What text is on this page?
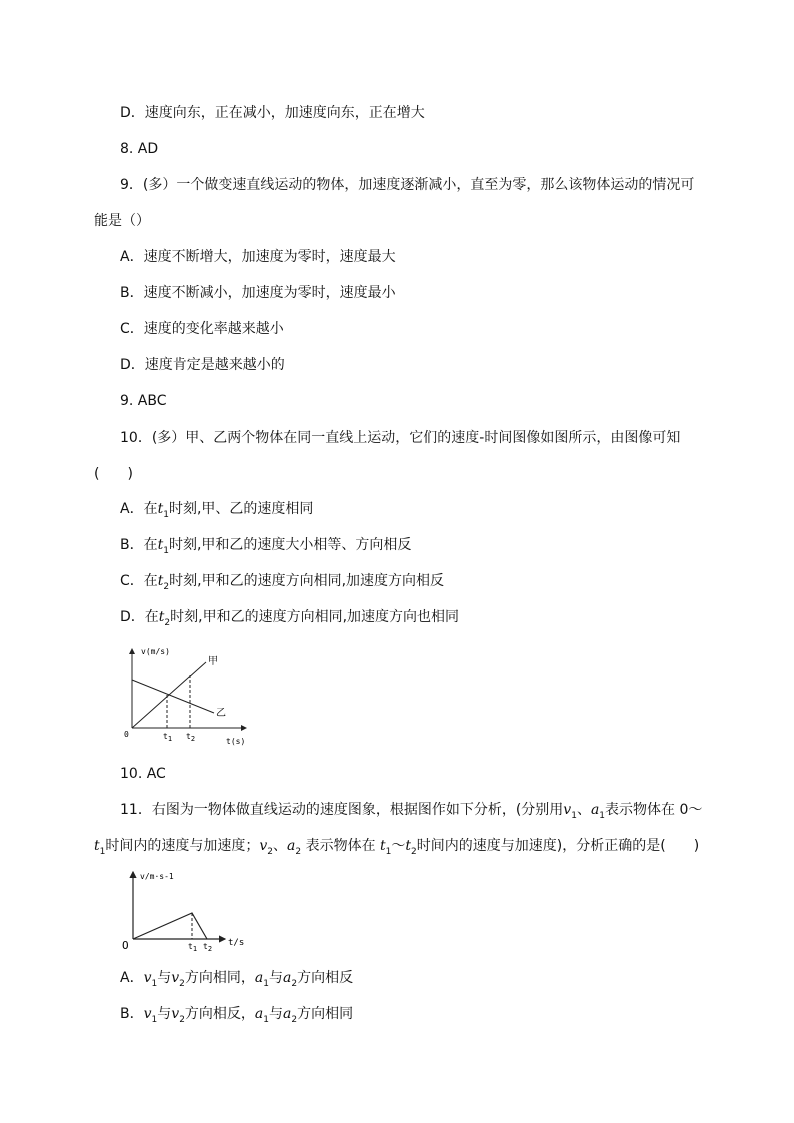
D．速度向东，正在减小，加速度向东，正在增大
8. AD
9．(多）一个做变速直线运动的物体，加速度逐渐减小，直至为零，那么该物体运动的情况可
能是（）
A．速度不断增大，加速度为零时，速度最大
B．速度不断减小，加速度为零时，速度最小
C．速度的变化率越来越小
D．速度肯定是越来越小的
9. ABC
10．(多）甲、乙两个物体在同一直线上运动，它们的速度-时间图像如图所示，由图像可知
(　　)
A．在$t_1$时刻,甲、乙的速度相同
B．在$t_1$时刻,甲和乙的速度大小相等、方向相反
C．在$t_2$时刻,甲和乙的速度方向相同,加速度方向相反
D．在$t_2$时刻,甲和乙的速度方向相同,加速度方向也相同
v(m/s)
甲
乙
0	t1 t2	t(s)
10. AC
11．右图为一物体做直线运动的速度图象，根据图作如下分析，(分别用$v_1$、$a_1$表示物体在 0～
$t_1$时间内的速度与加速度；$v_2$、$a_2$ 表示物体在 $t_1\sim t_2$时间内的速度与加速度)，分析正确的是(　　)
v/m·s-1
O	t1 t2
t/s
A．$v_1$与$v_2$方向相同，$a_1$与$a_2$方向相反
B．$v_1$与$v_2$方向相反，$a_1$与$a_2$方向相同
